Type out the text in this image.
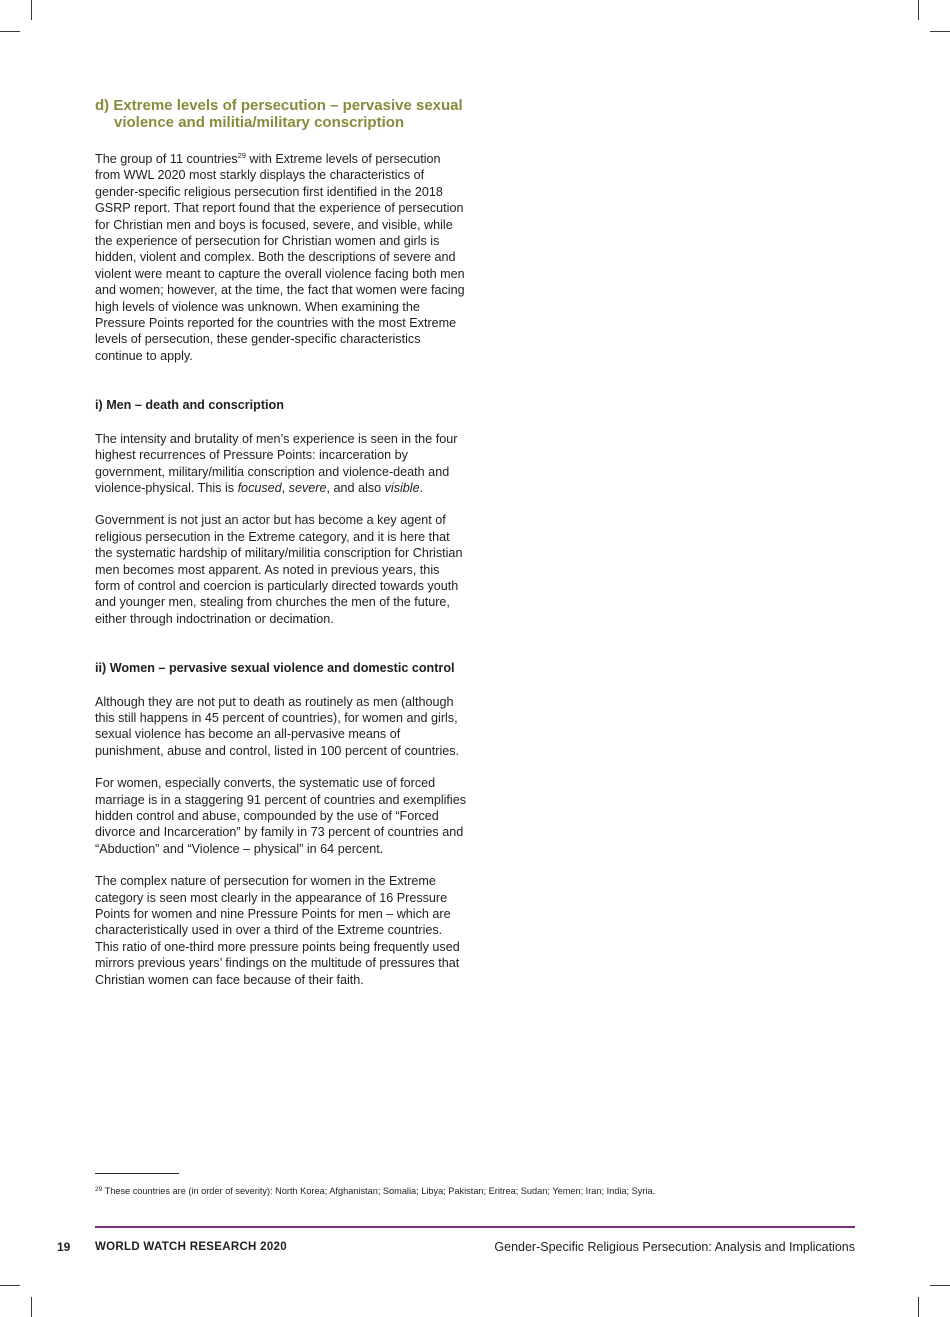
d) Extreme levels of persecution – pervasive sexual violence and militia/military conscription

The group of 11 countries$^{29}$ with Extreme levels of persecution from WWL 2020 most starkly displays the characteristics of gender-specific religious persecution first identified in the 2018 GSRP report. That report found that the experience of persecution for Christian men and boys is focused, severe, and visible, while the experience of persecution for Christian women and girls is hidden, violent and complex. Both the descriptions of severe and violent were meant to capture the overall violence facing both men and women; however, at the time, the fact that women were facing high levels of violence was unknown. When examining the Pressure Points reported for the countries with the most Extreme levels of persecution, these gender-specific characteristics continue to apply.

i) Men – death and conscription

The intensity and brutality of men’s experience is seen in the four highest recurrences of Pressure Points: incarceration by government, military/militia conscription and violence-death and violence-physical. This is focused, severe, and also visible.

Government is not just an actor but has become a key agent of religious persecution in the Extreme category, and it is here that the systematic hardship of military/militia conscription for Christian men becomes most apparent. As noted in previous years, this form of control and coercion is particularly directed towards youth and younger men, stealing from churches the men of the future, either through indoctrination or decimation.

ii) Women – pervasive sexual violence and domestic control

Although they are not put to death as routinely as men (although this still happens in 45 percent of countries), for women and girls, sexual violence has become an all-pervasive means of punishment, abuse and control, listed in 100 percent of countries.

For women, especially converts, the systematic use of forced marriage is in a staggering 91 percent of countries and exemplifies hidden control and abuse, compounded by the use of “Forced divorce and Incarceration” by family in 73 percent of countries and “Abduction” and “Violence – physical” in 64 percent.

The complex nature of persecution for women in the Extreme category is seen most clearly in the appearance of 16 Pressure Points for women and nine Pressure Points for men – which are characteristically used in over a third of the Extreme countries. This ratio of one-third more pressure points being frequently used mirrors previous years’ findings on the multitude of pressures that Christian women can face because of their faith.

$^{29}$ These countries are (in order of severity): North Korea; Afghanistan; Somalia; Libya; Pakistan; Eritrea; Sudan; Yemen; Iran; India; Syria.
19 WORLD WATCH RESEARCH 2020	Gender-Specific Religious Persecution: Analysis and Implications
